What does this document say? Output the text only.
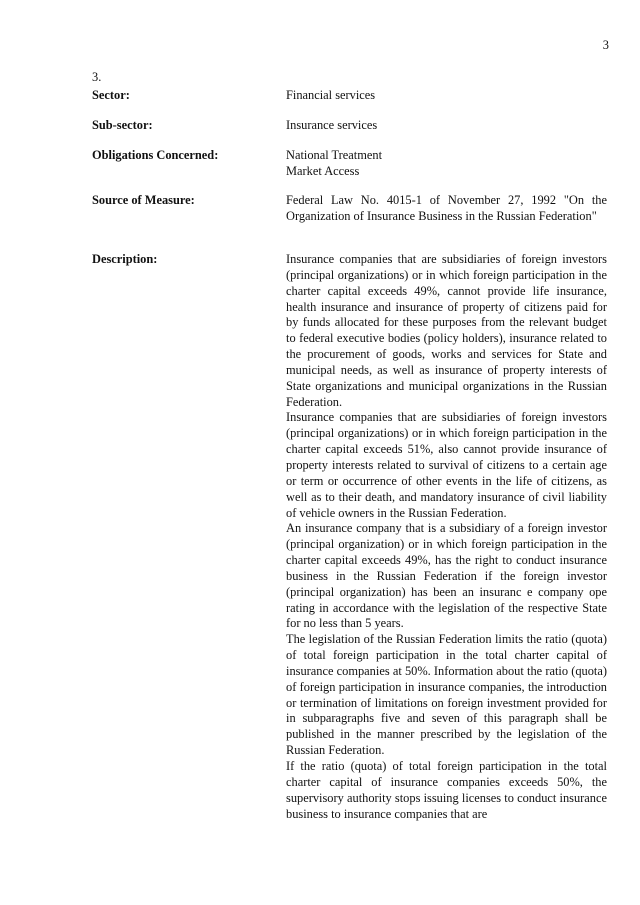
3
3.
Sector:	Financial services
Sub-sector:	Insurance services
Obligations Concerned:	National Treatment
Market Access
Source of Measure:	Federal Law No. 4015-1 of November 27, 1992 "On the Organization of Insurance Business in the Russian Federation"

Description:	Insurance companies that are subsidiaries of foreign investors (principal organizations) or in which foreign participation in the charter capital exceeds 49%, cannot provide life insurance, health insurance and insurance of property of citizens paid for by funds allocated for these purposes from the relevant budget to federal executive bodies (policy holders), insurance related to the procurement of goods, works and services for State and municipal needs, as well as insurance of property interests of State organizations and municipal organizations in the Russian Federation.

Insurance companies that are subsidiaries of foreign investors (principal organizations) or in which foreign participation in the charter capital exceeds 51%, also cannot provide insurance of property interests related to survival of citizens to a certain age or term or occurrence of other events in the life of citizens, as well as to their death, and mandatory insurance of civil liability of vehicle owners in the Russian Federation.

An insurance company that is a subsidiary of a foreign investor (principal organization) or in which foreign participation in the charter capital exceeds 49%, has the right to conduct insurance business in the Russian Federation if the foreign investor (principal organization) has been an insuranc e company ope rating in accordance with the legislation of the respective State for no less than 5 years.

The legislation of the Russian Federation limits the ratio (quota) of total foreign participation in the total charter capital of insurance companies at 50%. Information about the ratio (quota) of foreign participation in insurance companies, the introduction or termination of limitations on foreign investment provided for in subparagraphs five and seven of this paragraph shall be published in the manner prescribed by the legislation of the Russian Federation.

If the ratio (quota) of total foreign participation in the total charter capital of insurance companies exceeds 50%, the supervisory authority stops issuing licenses to conduct insurance business to insurance companies that are
